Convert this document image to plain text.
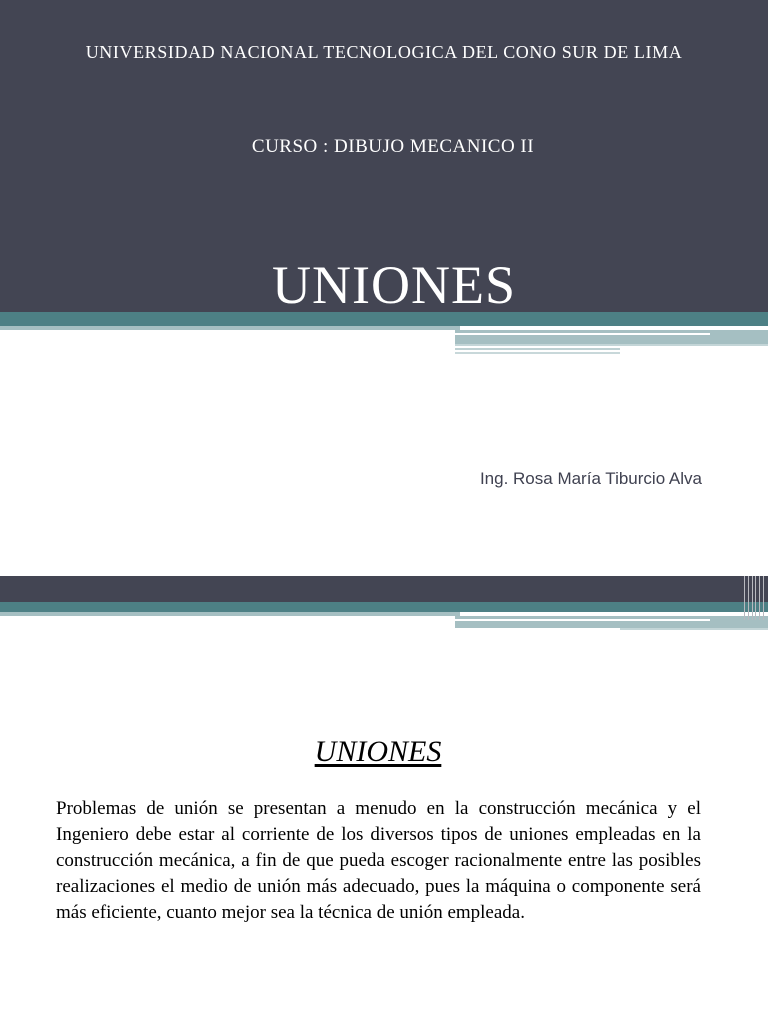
UNIVERSIDAD NACIONAL TECNOLOGICA DEL CONO SUR DE LIMA
CURSO : DIBUJO MECANICO II
UNIONES
Ing. Rosa María Tiburcio Alva
UNIONES

Problemas de unión se presentan a menudo en la construcción mecánica y el Ingeniero debe estar al corriente de los diversos tipos de uniones empleadas en la construcción mecánica, a fin de que pueda escoger racionalmente entre las posibles realizaciones el medio de unión más adecuado, pues la máquina o componente será más eficiente, cuanto mejor sea la técnica de unión empleada.
